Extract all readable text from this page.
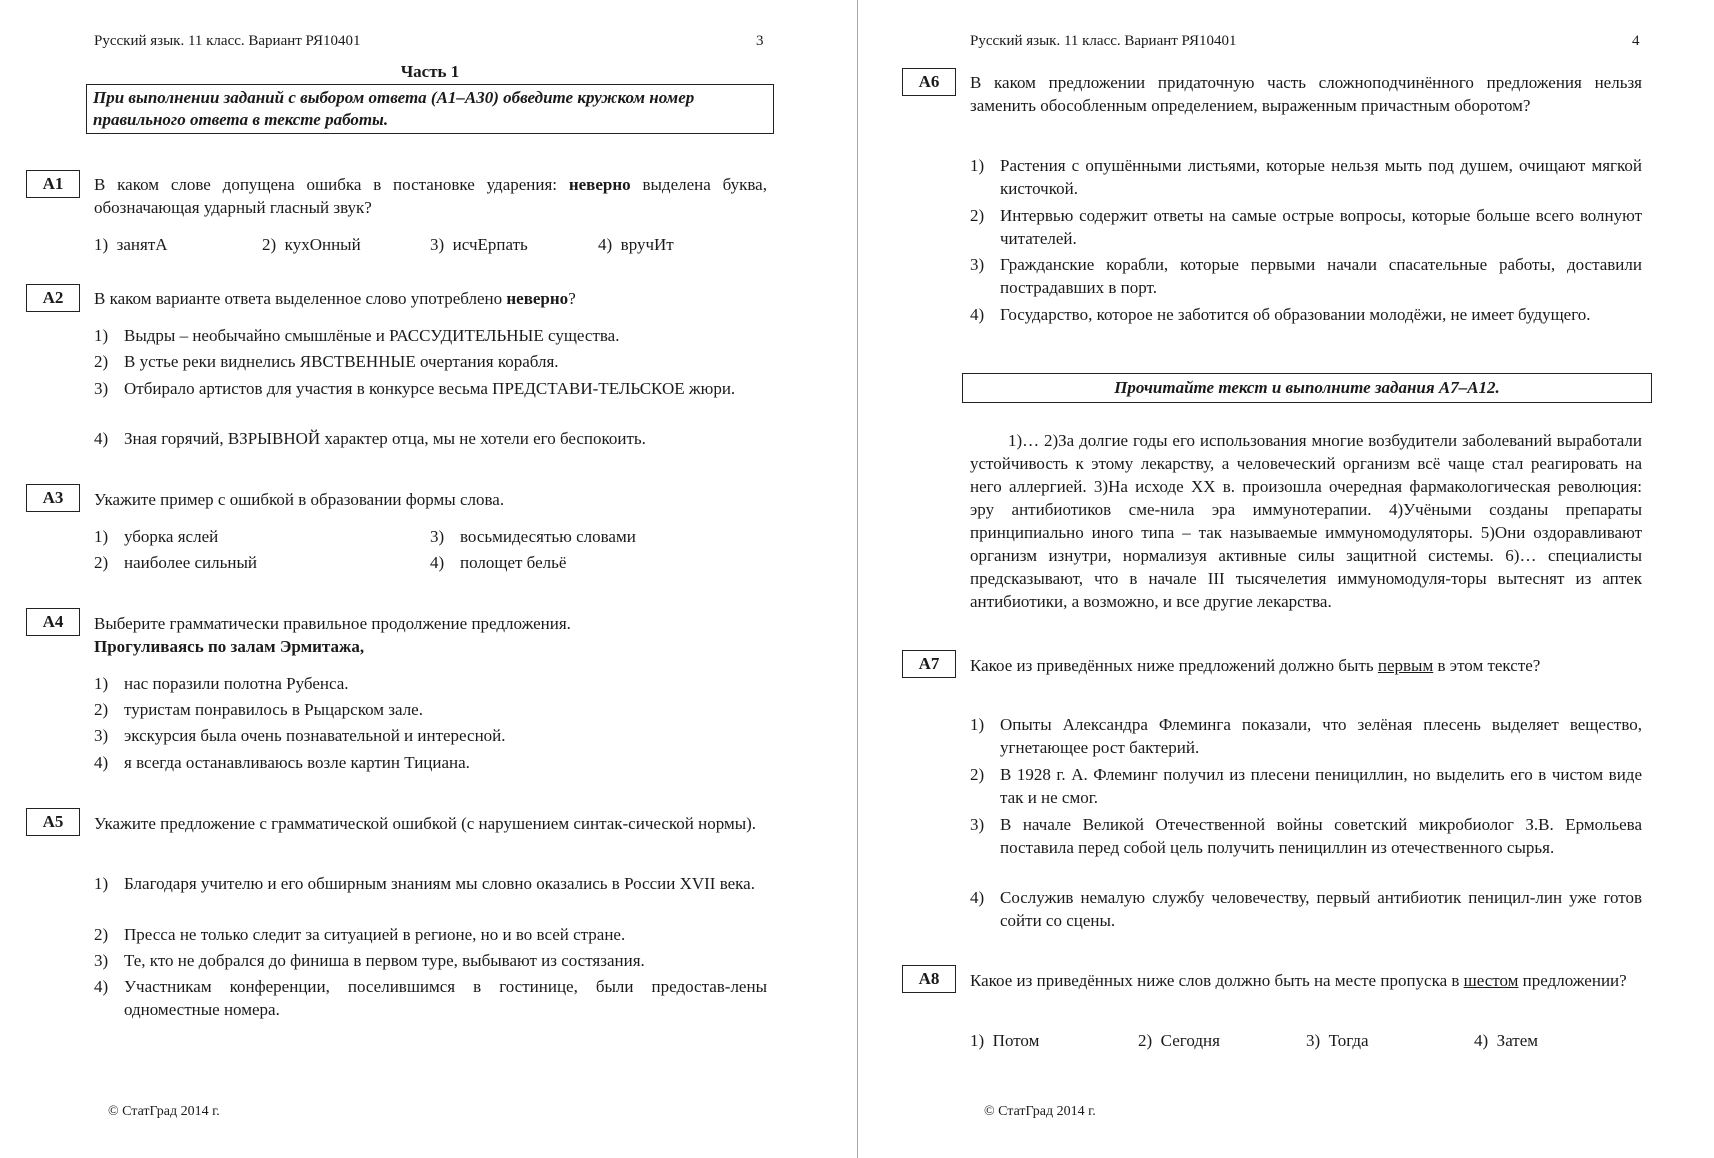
Русский язык. 11 класс. Вариант РЯ10401	3
Часть 1
При выполнении заданий с выбором ответа (А1–А30) обведите кружком номер правильного ответа в тексте работы.
А1	В каком слове допущена ошибка в постановке ударения: неверно выделена буква, обозначающая ударный гласный звук?
1) занятА	2) кухОнный	3) исчЕрпать	4) вручИт
А2	В каком варианте ответа выделенное слово употреблено неверно?
1) Выдры – необычайно смышлёные и РАССУДИТЕЛЬНЫЕ существа.
2) В устье реки виднелись ЯВСТВЕННЫЕ очертания корабля.
3) Отбирало артистов для участия в конкурсе весьма ПРЕДСТАВИ-ТЕЛЬСКОЕ жюри.
4) Зная горячий, ВЗРЫВНОЙ характер отца, мы не хотели его беспокоить.
А3	Укажите пример с ошибкой в образовании формы слова.
1) уборка яслей
2) наиболее сильный
3) восьмидесятью словами
4) полощет бельё
А4	Выберите грамматически правильное продолжение предложения.
Прогуливаясь по залам Эрмитажа,
1) нас поразили полотна Рубенса.
2) туристам понравилось в Рыцарском зале.
3) экскурсия была очень познавательной и интересной.
4) я всегда останавливаюсь возле картин Тициана.
А5	Укажите предложение с грамматической ошибкой (с нарушением синтак-сической нормы).
1) Благодаря учителю и его обширным знаниям мы словно оказались в России XVII века.
2) Пресса не только следит за ситуацией в регионе, но и во всей стране.
3) Те, кто не добрался до финиша в первом туре, выбывают из состязания.
4) Участникам конференции, поселившимся в гостинице, были предостав-лены одноместные номера.
© СтатГрад 2014 г.
Русский язык. 11 класс. Вариант РЯ10401	4
А6	В каком предложении придаточную часть сложноподчинённого предложения нельзя заменить обособленным определением, выраженным причастным оборотом?
1) Растения с опушёнными листьями, которые нельзя мыть под душем, очищают мягкой кисточкой.
2) Интервью содержит ответы на самые острые вопросы, которые больше всего волнуют читателей.
3) Гражданские корабли, которые первыми начали спасательные работы, доставили пострадавших в порт.
4) Государство, которое не заботится об образовании молодёжи, не имеет будущего.
Прочитайте текст и выполните задания А7–А12.
1)… 2)За долгие годы его использования многие возбудители заболеваний выработали устойчивость к этому лекарству, а человеческий организм всё чаще стал реагировать на него аллергией. 3)На исходе XX в. произошла очередная фармакологическая революция: эру антибиотиков сме-нила эра иммунотерапии. 4)Учёными созданы препараты принципиально иного типа – так называемые иммуномодуляторы. 5)Они оздоравливают организм изнутри, нормализуя активные силы защитной системы. 6)… специалисты предсказывают, что в начале III тысячелетия иммуномодуля-торы вытеснят из аптек антибиотики, а возможно, и все другие лекарства.
А7	Какое из приведённых ниже предложений должно быть первым в этом тексте?
1) Опыты Александра Флеминга показали, что зелёная плесень выделяет вещество, угнетающее рост бактерий.
2) В 1928 г. А. Флеминг получил из плесени пенициллин, но выделить его в чистом виде так и не смог.
3) В начале Великой Отечественной войны советский микробиолог З.В. Ермольева поставила перед собой цель получить пенициллин из отечественного сырья.
4) Сослужив немалую службу человечеству, первый антибиотик пеницил-лин уже готов сойти со сцены.
А8	Какое из приведённых ниже слов должно быть на месте пропуска в шестом предложении?
1) Потом	2) Сегодня	3) Тогда	4) Затем
© СтатГрад 2014 г.
